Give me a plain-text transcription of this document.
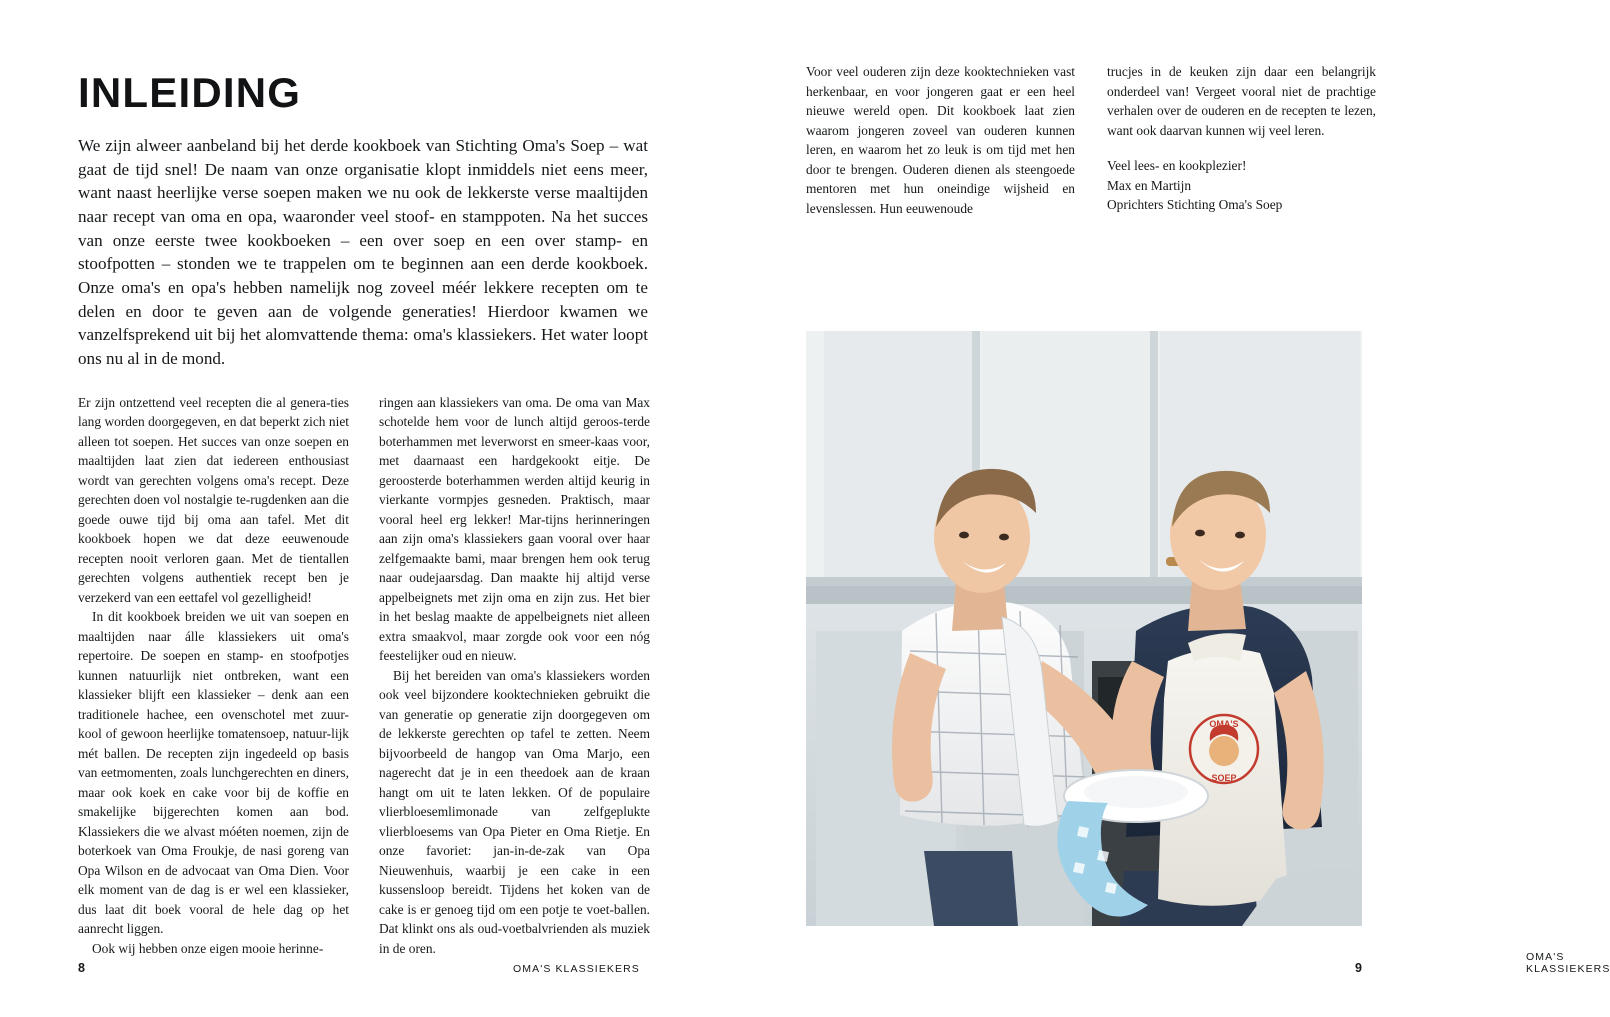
INLEIDING

We zijn alweer aanbeland bij het derde kookboek van Stichting Oma's Soep – wat gaat de tijd snel! De naam van onze organisatie klopt inmiddels niet eens meer, want naast heerlijke verse soepen maken we nu ook de lekkerste verse maaltijden naar recept van oma en opa, waaronder veel stoof- en stamppoten. Na het succes van onze eerste twee kookboeken – een over soep en een over stamp- en stoofpotten – stonden we te trappelen om te beginnen aan een derde kookboek. Onze oma's en opa's hebben namelijk nog zoveel méér lekkere recepten om te delen en door te geven aan de volgende generaties! Hierdoor kwamen we vanzelfsprekend uit bij het alomvattende thema: oma's klassiekers. Het water loopt ons nu al in de mond.

Er zijn ontzettend veel recepten die al genera-ties lang worden doorgegeven, en dat beperkt zich niet alleen tot soepen. Het succes van onze soepen en maaltijden laat zien dat iedereen enthousiast wordt van gerechten volgens oma's recept. Deze gerechten doen vol nostalgie te-rugdenken aan die goede ouwe tijd bij oma aan tafel. Met dit kookboek hopen we dat deze eeuwenoude recepten nooit verloren gaan. Met de tientallen gerechten volgens authentiek recept ben je verzekerd van een eettafel vol gezelligheid!

In dit kookboek breiden we uit van soepen en maaltijden naar álle klassiekers uit oma's repertoire. De soepen en stamp- en stoofpotjes kunnen natuurlijk niet ontbreken, want een klassieker blijft een klassieker – denk aan een traditionele hachee, een ovenschotel met zuur-kool of gewoon heerlijke tomatensoep, natuur-lijk mét ballen. De recepten zijn ingedeeld op basis van eetmomenten, zoals lunchgerechten en diners, maar ook koek en cake voor bij de koffie en smakelijke bijgerechten komen aan bod. Klassiekers die we alvast móéten noemen, zijn de boterkoek van Oma Froukje, de nasi goreng van Opa Wilson en de advocaat van Oma Dien. Voor elk moment van de dag is er wel een klassieker, dus laat dit boek vooral de hele dag op het aanrecht liggen.

Ook wij hebben onze eigen mooie herinne-

ringen aan klassiekers van oma. De oma van Max schotelde hem voor de lunch altijd geroos-terde boterhammen met leverworst en smeer-kaas voor, met daarnaast een hardgekookt eitje. De geroosterde boterhammen werden altijd keurig in vierkante vormpjes gesneden. Praktisch, maar vooral heel erg lekker! Mar-tijns herinneringen aan zijn oma's klassiekers gaan vooral over haar zelfgemaakte bami, maar brengen hem ook terug naar oudejaarsdag. Dan maakte hij altijd verse appelbeignets met zijn oma en zijn zus. Het bier in het beslag maakte de appelbeignets niet alleen extra smaakvol, maar zorgde ook voor een nóg feestelijker oud en nieuw.

Bij het bereiden van oma's klassiekers worden ook veel bijzondere kooktechnieken gebruikt die van generatie op generatie zijn doorgegeven om de lekkerste gerechten op tafel te zetten. Neem bijvoorbeeld de hangop van Oma Marjo, een nagerecht dat je in een theedoek aan de kraan hangt om uit te laten lekken. Of de populaire vlierbloesemlimonade van zelfgeplukte vlierbloesems van Opa Pieter en Oma Rietje. En onze favoriet: jan-in-de-zak van Opa Nieuwenhuis, waarbij je een cake in een kussensloop bereidt. Tijdens het koken van de cake is er genoeg tijd om een potje te voet-ballen. Dat klinkt ons als oud-voetbalvrienden als muziek in de oren.

8	OMA'S KLASSIEKERS

Voor veel ouderen zijn deze kooktechnieken vast herkenbaar, en voor jongeren gaat er een heel nieuwe wereld open. Dit kookboek laat zien waarom jongeren zoveel van ouderen kunnen leren, en waarom het zo leuk is om tijd met hen door te brengen. Ouderen dienen als steengoede mentoren met hun oneindige wijsheid en levenslessen. Hun eeuwenoude

trucjes in de keuken zijn daar een belangrijk onderdeel van! Vergeet vooral niet de prachtige verhalen over de ouderen en de recepten te lezen, want ook daarvan kunnen wij veel leren.

Veel lees- en kookplezier!
Max en Martijn
Oprichters Stichting Oma's Soep
OMA'S
SOEP
OMA'S KLASSIEKERS
9
